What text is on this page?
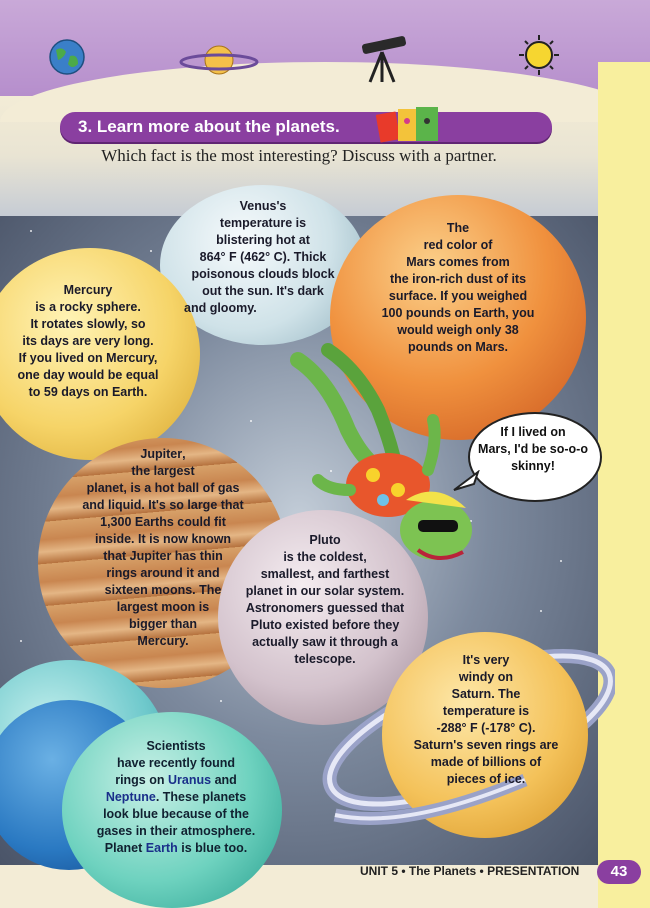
3. Learn more about the planets.
Which fact is the most interesting? Discuss with a partner.
Venus's
temperature is
blistering hot at
864° F (462° C). Thick
poisonous clouds block
out the sun. It's dark
and gloomy.
The
red color of
Mars comes from
the iron-rich dust of its
surface. If you weighed
100 pounds on Earth, you
would weigh only 38
pounds on Mars.
Mercury
is a rocky sphere.
It rotates slowly, so
its days are very long.
If you lived on Mercury,
one day would be equal
to 59 days on Earth.
Jupiter,
the largest
planet, is a hot ball of gas
and liquid. It's so large that
1,300 Earths could fit
inside. It is now known
that Jupiter has thin
rings around it and
sixteen moons. The
largest moon is
bigger than
Mercury.
Pluto
is the coldest,
smallest, and farthest
planet in our solar system.
Astronomers guessed that
Pluto existed before they
actually saw it through a
telescope.	It's very
windy on
Saturn. The
temperature is
-288° F (-178° C).
Saturn's seven rings are
made of billions of
pieces of ice.
Scientists
have recently found
rings on Uranus and
Neptune. These planets
look blue because of the
gases in their atmosphere.
Planet Earth is blue too.
If I lived on
Mars, I'd be so-o-o
skinny!
UNIT 5 • The Planets • PRESENTATION	43
